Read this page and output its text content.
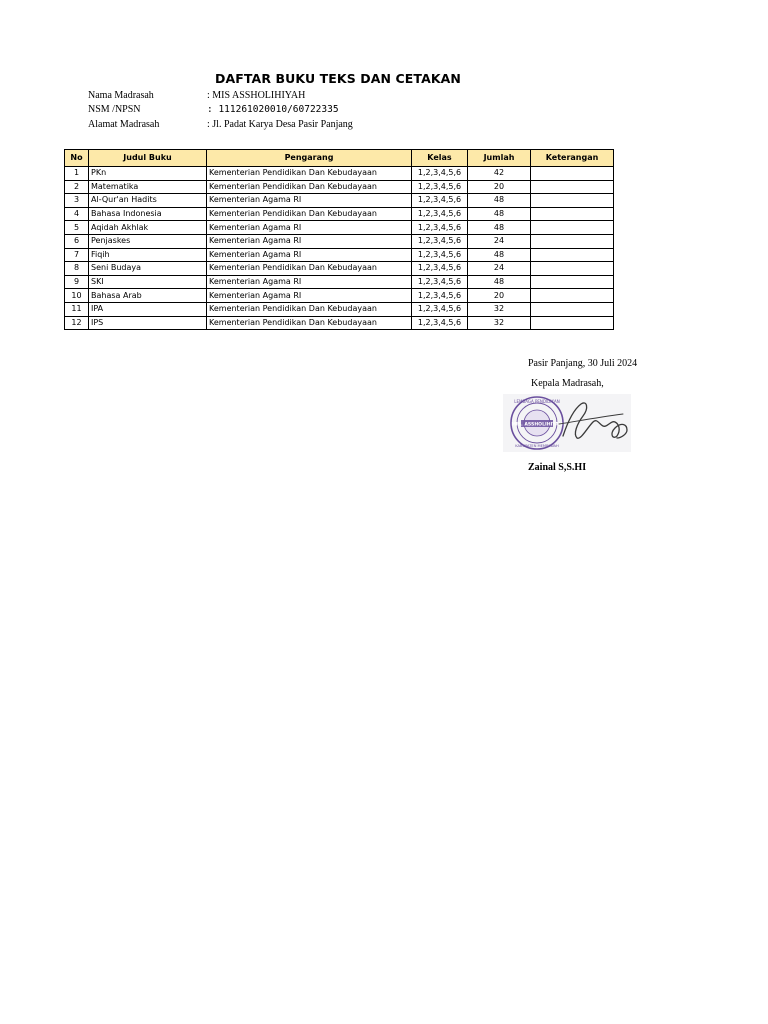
DAFTAR BUKU TEKS DAN CETAKAN
Nama Madrasah	: MIS ASSHOLIHIYAH
NSM /NPSN	: 111261020010/60722335
Alamat Madrasah	: Jl. Padat Karya Desa Pasir Panjang
No	Judul Buku	Pengarang	Kelas	Jumlah	Keterangan
1	PKn	Kementerian Pendidikan Dan Kebudayaan	1,2,3,4,5,6	42	
2	Matematika	Kementerian Pendidikan Dan Kebudayaan	1,2,3,4,5,6	20	
3	Al-Qur'an Hadits	Kementerian Agama RI	1,2,3,4,5,6	48	
4	Bahasa Indonesia	Kementerian Pendidikan Dan Kebudayaan	1,2,3,4,5,6	48	
5	Aqidah Akhlak	Kementerian Agama RI	1,2,3,4,5,6	48	
6	Penjaskes	Kementerian Agama RI	1,2,3,4,5,6	24	
7	Fiqih	Kementerian Agama RI	1,2,3,4,5,6	48	
8	Seni Budaya	Kementerian Pendidikan Dan Kebudayaan	1,2,3,4,5,6	24	
9	SKI	Kementerian Agama RI	1,2,3,4,5,6	48	
10	Bahasa Arab	Kementerian Agama RI	1,2,3,4,5,6	20	
11	IPA	Kementerian Pendidikan Dan Kebudayaan	1,2,3,4,5,6	32	
12	IPS	Kementerian Pendidikan Dan Kebudayaan	1,2,3,4,5,6	32	
Pasir Panjang, 30 Juli 2024
Kepala Madrasah,
MIS. ASSHOLIHIYAH
LEMBAGA PENDIDIKAN
KABUPATEN MEMPAWAH
Zainal S,S.HI
